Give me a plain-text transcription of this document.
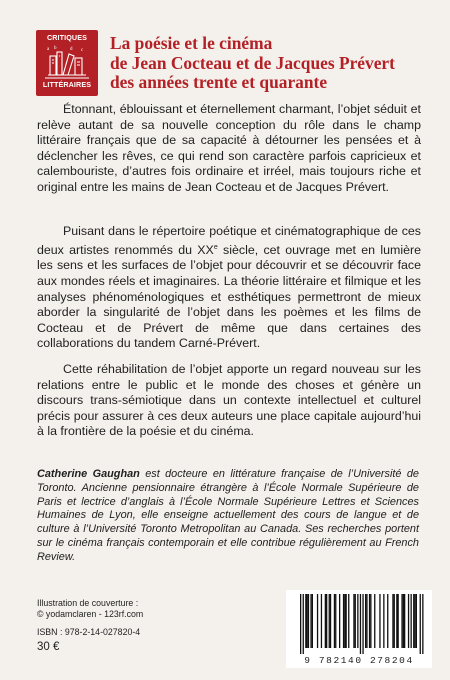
CRITIQUES
a b	d c
LITTÉRAIRES
La poésie et le cinéma
de Jean Cocteau et de Jacques Prévert
des années trente et quarante

Étonnant, éblouissant et éternellement charmant, l’objet séduit et relève autant de sa nouvelle conception du rôle dans le champ littéraire français que de sa capacité à détourner les pensées et à déclencher les rêves, ce qui rend son caractère parfois capricieux et calembouriste, d’autres fois ordinaire et irréel, mais toujours riche et original entre les mains de Jean Cocteau et de Jacques Prévert.

Puisant dans le répertoire poétique et cinématographique de ces deux artistes renommés du XXe siècle, cet ouvrage met en lumière les sens et les surfaces de l’objet pour découvrir et se découvrir face aux mondes réels et imaginaires. La théorie littéraire et filmique et les analyses phénoménologiques et esthétiques permettront de mieux aborder la singularité de l’objet dans les poèmes et les films de Cocteau et de Prévert de même que dans certaines des collaborations du tandem Carné-Prévert.

Cette réhabilitation de l’objet apporte un regard nouveau sur les relations entre le public et le monde des choses et génère un discours trans-sémiotique dans un contexte intellectuel et culturel précis pour assurer à ces deux auteurs une place capitale aujourd’hui à la frontière de la poésie et du cinéma.

Catherine Gaughan est docteure en littérature française de l’Université de Toronto. Ancienne pensionnaire étrangère à l’École Normale Supérieure de Paris et lectrice d’anglais à l’École Normale Supérieure Lettres et Sciences Humaines de Lyon, elle enseigne actuellement des cours de langue et de culture à l’Université Toronto Metropolitan au Canada. Ses recherches portent sur le cinéma français contemporain et elle contribue régulièrement au French Review.

Illustration de couverture :
© yodamclaren - 123rf.com
ISBN : 978-2-14-027820-4
30 €
9 782140 278204
